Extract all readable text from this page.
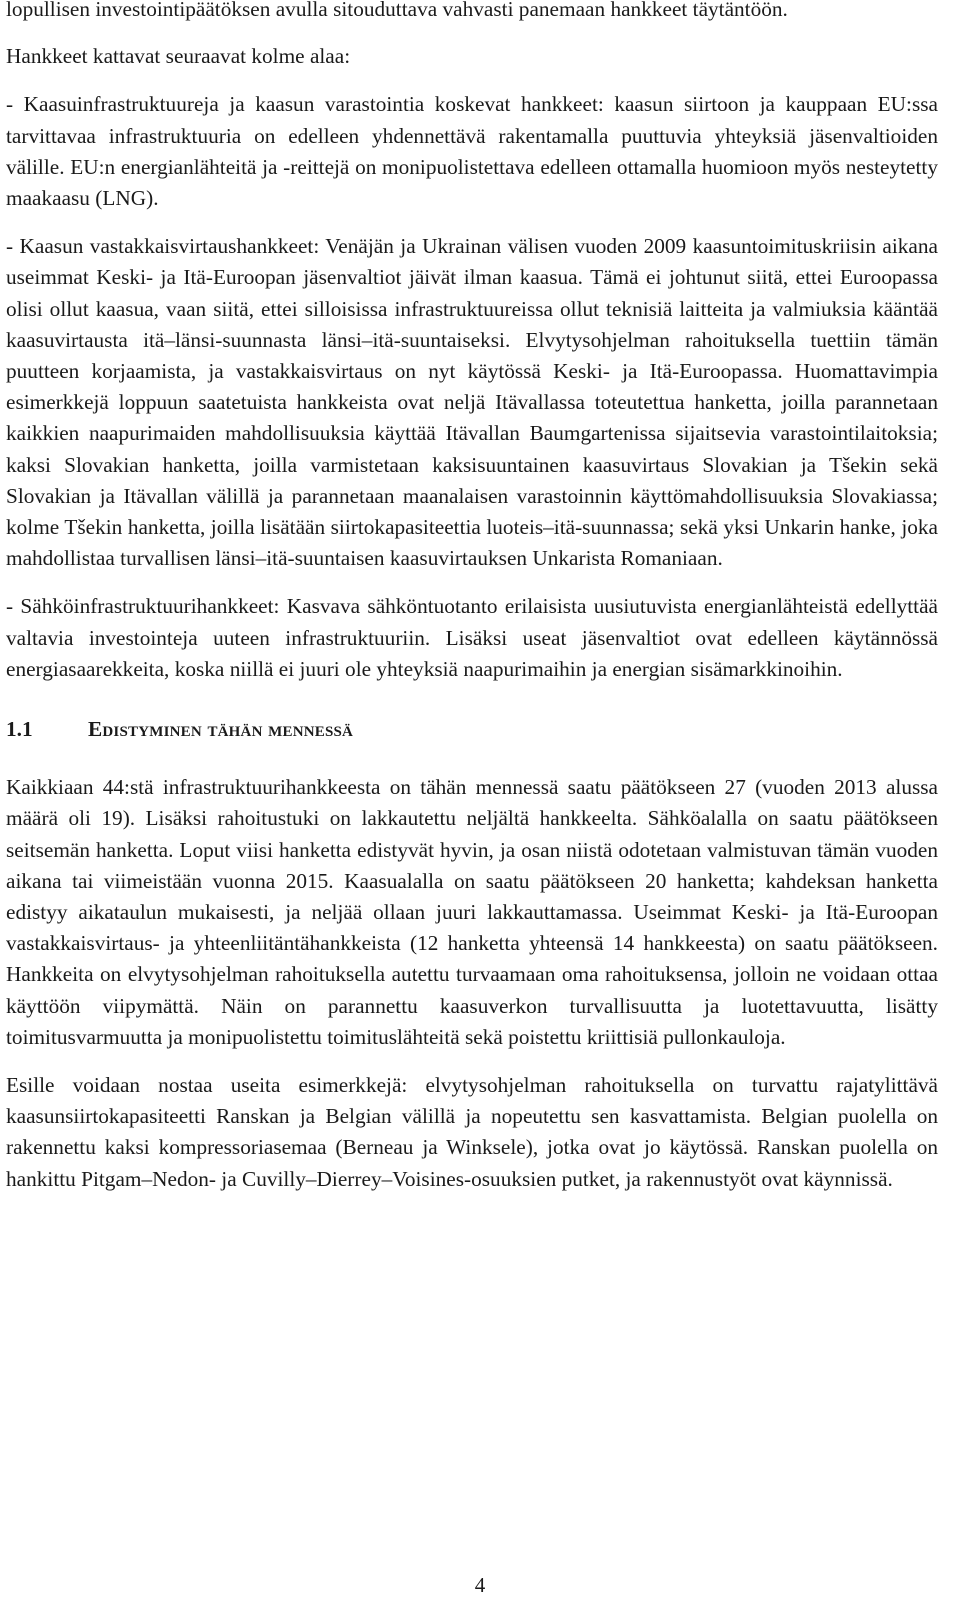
lopullisen investointipäätöksen avulla sitouduttava vahvasti panemaan hankkeet täytäntöön.

Hankkeet kattavat seuraavat kolme alaa:

- Kaasuinfrastruktuureja ja kaasun varastointia koskevat hankkeet: kaasun siirtoon ja kauppaan EU:ssa tarvittavaa infrastruktuuria on edelleen yhdennettävä rakentamalla puuttuvia yhteyksiä jäsenvaltioiden välille. EU:n energianlähteitä ja -reittejä on monipuolistettava edelleen ottamalla huomioon myös nesteytetty maakaasu (LNG).

- Kaasun vastakkaisvirtaushankkeet: Venäjän ja Ukrainan välisen vuoden 2009 kaasuntoimituskriisin aikana useimmat Keski- ja Itä-Euroopan jäsenvaltiot jäivät ilman kaasua. Tämä ei johtunut siitä, ettei Euroopassa olisi ollut kaasua, vaan siitä, ettei silloisissa infrastruktuureissa ollut teknisiä laitteita ja valmiuksia kääntää kaasuvirtausta itä–länsi-suunnasta länsi–itä-suuntaiseksi. Elvytysohjelman rahoituksella tuettiin tämän puutteen korjaamista, ja vastakkaisvirtaus on nyt käytössä Keski- ja Itä-Euroopassa. Huomattavimpia esimerkkejä loppuun saatetuista hankkeista ovat neljä Itävallassa toteutettua hanketta, joilla parannetaan kaikkien naapurimaiden mahdollisuuksia käyttää Itävallan Baumgartenissa sijaitsevia varastointilaitoksia; kaksi Slovakian hanketta, joilla varmistetaan kaksisuuntainen kaasuvirtaus Slovakian ja Tšekin sekä Slovakian ja Itävallan välillä ja parannetaan maanalaisen varastoinnin käyttömahdollisuuksia Slovakiassa; kolme Tšekin hanketta, joilla lisätään siirtokapasiteettia luoteis–itä-suunnassa; sekä yksi Unkarin hanke, joka mahdollistaa turvallisen länsi–itä-suuntaisen kaasuvirtauksen Unkarista Romaniaan.

- Sähköinfrastruktuurihankkeet: Kasvava sähköntuotanto erilaisista uusiutuvista energianlähteistä edellyttää valtavia investointeja uuteen infrastruktuuriin. Lisäksi useat jäsenvaltiot ovat edelleen käytännössä energiasaarekkeita, koska niillä ei juuri ole yhteyksiä naapurimaihin ja energian sisämarkkinoihin.

1.1	Edistyminen tähän mennessä

Kaikkiaan 44:stä infrastruktuurihankkeesta on tähän mennessä saatu päätökseen 27 (vuoden 2013 alussa määrä oli 19). Lisäksi rahoitustuki on lakkautettu neljältä hankkeelta. Sähköalalla on saatu päätökseen seitsemän hanketta. Loput viisi hanketta edistyvät hyvin, ja osan niistä odotetaan valmistuvan tämän vuoden aikana tai viimeistään vuonna 2015. Kaasualalla on saatu päätökseen 20 hanketta; kahdeksan hanketta edistyy aikataulun mukaisesti, ja neljää ollaan juuri lakkauttamassa. Useimmat Keski- ja Itä-Euroopan vastakkaisvirtaus- ja yhteenliitäntähankkeista (12 hanketta yhteensä 14 hankkeesta) on saatu päätökseen. Hankkeita on elvytysohjelman rahoituksella autettu turvaamaan oma rahoituksensa, jolloin ne voidaan ottaa käyttöön viipymättä. Näin on parannettu kaasuverkon turvallisuutta ja luotettavuutta, lisätty toimitusvarmuutta ja monipuolistettu toimituslähteitä sekä poistettu kriittisiä pullonkauloja.

Esille voidaan nostaa useita esimerkkejä: elvytysohjelman rahoituksella on turvattu rajatylittävä kaasunsiirtokapasiteetti Ranskan ja Belgian välillä ja nopeutettu sen kasvattamista. Belgian puolella on rakennettu kaksi kompressoriasemaa (Berneau ja Winksele), jotka ovat jo käytössä. Ranskan puolella on hankittu Pitgam–Nedon- ja Cuvilly–Dierrey–Voisines-osuuksien putket, ja rakennustyöt ovat käynnissä.

4
